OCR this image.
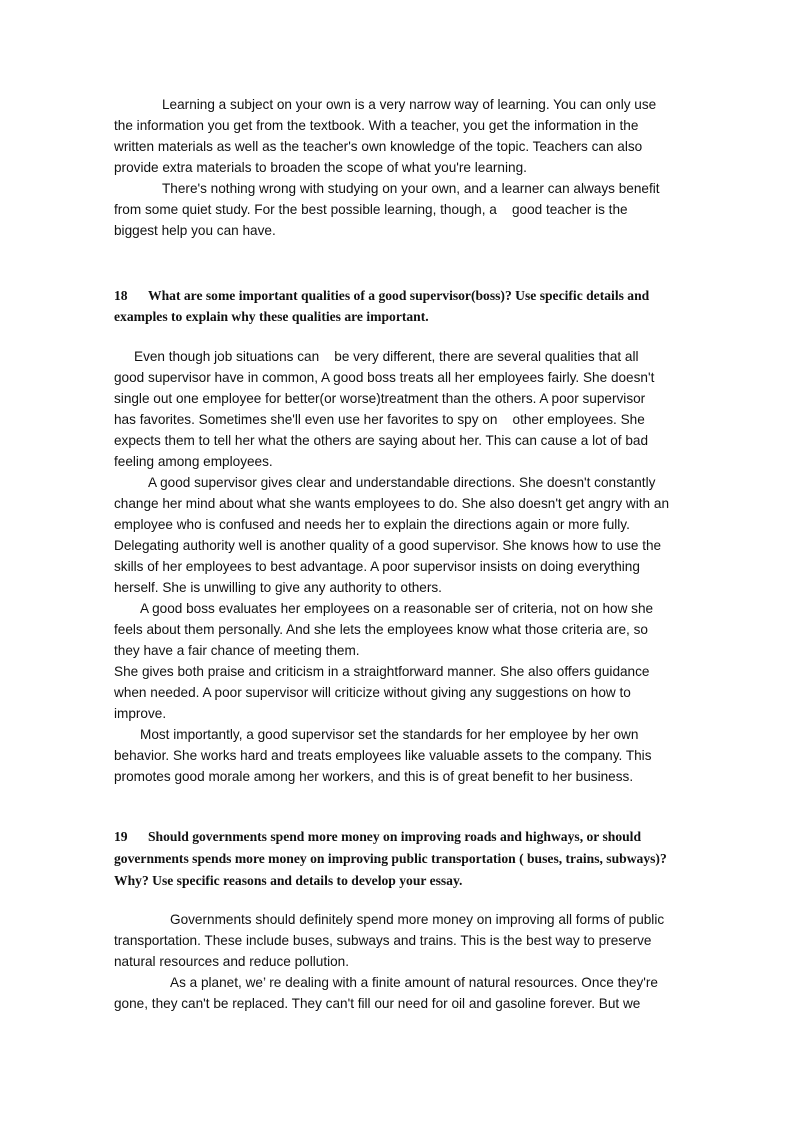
Learning a subject on your own is a very narrow way of learning. You can only use
the information you get from the textbook. With a teacher, you get the information in the
written materials as well as the teacher's own knowledge of the topic. Teachers can also
provide extra materials to broaden the scope of what you're learning.
There's nothing wrong with studying on your own, and a learner can always benefit
from some quiet study. For the best possible learning, though, a    good teacher is the
biggest help you can have.
18 What are some important qualities of a good supervisor(boss)? Use specific details and
examples to explain why these qualities are important.
Even though job situations can    be very different, there are several qualities that all
good supervisor have in common, A good boss treats all her employees fairly. She doesn't
single out one employee for better(or worse)treatment than the others. A poor supervisor
has favorites. Sometimes she'll even use her favorites to spy on    other employees. She
expects them to tell her what the others are saying about her. This can cause a lot of bad
feeling among employees.
A good supervisor gives clear and understandable directions. She doesn't constantly
change her mind about what she wants employees to do. She also doesn't get angry with an
employee who is confused and needs her to explain the directions again or more fully.
Delegating authority well is another quality of a good supervisor. She knows how to use the
skills of her employees to best advantage. A poor supervisor insists on doing everything
herself. She is unwilling to give any authority to others.
A good boss evaluates her employees on a reasonable ser of criteria, not on how she
feels about them personally. And she lets the employees know what those criteria are, so
they have a fair chance of meeting them.
She gives both praise and criticism in a straightforward manner. She also offers guidance
when needed. A poor supervisor will criticize without giving any suggestions on how to
improve.
Most importantly, a good supervisor set the standards for her employee by her own
behavior. She works hard and treats employees like valuable assets to the company. This
promotes good morale among her workers, and this is of great benefit to her business.
19 Should governments spend more money on improving roads and highways, or should
governments spends more money on improving public transportation ( buses, trains, subways)?
Why? Use specific reasons and details to develop your essay.
Governments should definitely spend more money on improving all forms of public
transportation. These include buses, subways and trains. This is the best way to preserve
natural resources and reduce pollution.
As a planet, we’ re dealing with a finite amount of natural resources. Once they're
gone, they can't be replaced. They can't fill our need for oil and gasoline forever. But we
